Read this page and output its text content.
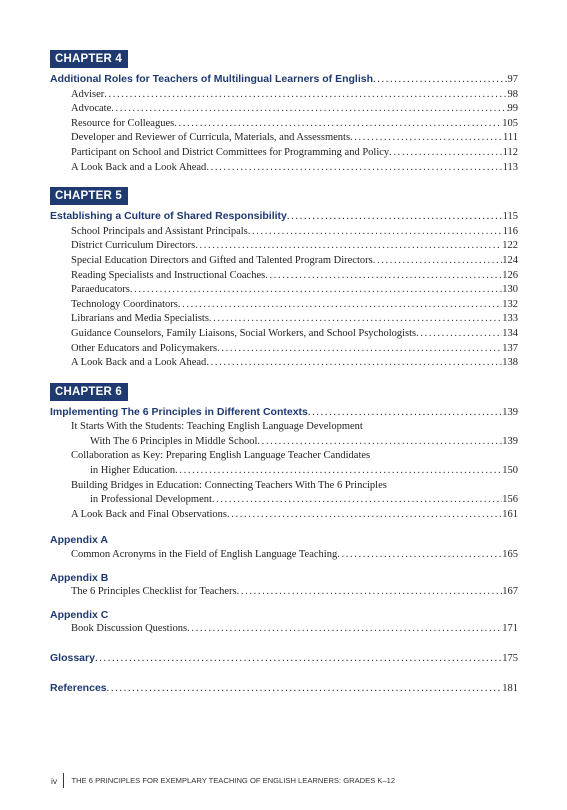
CHAPTER 4
Additional Roles for Teachers of Multilingual Learners of English . . .	97
Adviser . . .	98
Advocate . . .	99
Resource for Colleagues . . .	105
Developer and Reviewer of Curricula, Materials, and Assessments . . .	111
Participant on School and District Committees for Programming and Policy . . .	112
A Look Back and a Look Ahead . . .	113
CHAPTER 5
Establishing a Culture of Shared Responsibility . . .	115
School Principals and Assistant Principals . . .	116
District Curriculum Directors . . .	122
Special Education Directors and Gifted and Talented Program Directors . . .	124
Reading Specialists and Instructional Coaches . . .	126
Paraeducators . . .	130
Technology Coordinators . . .	132
Librarians and Media Specialists . . .	133
Guidance Counselors, Family Liaisons, Social Workers, and School Psychologists . . .	134
Other Educators and Policymakers . . .	137
A Look Back and a Look Ahead . . .	138
CHAPTER 6
Implementing The 6 Principles in Different Contexts . . .	139
It Starts With the Students: Teaching English Language Development
With The 6 Principles in Middle School . . .	139
Collaboration as Key: Preparing English Language Teacher Candidates
in Higher Education . . .	150
Building Bridges in Education: Connecting Teachers With The 6 Principles
in Professional Development . . .	156
A Look Back and Final Observations . . .	161
Appendix A
Common Acronyms in the Field of English Language Teaching . . .	165
Appendix B
The 6 Principles Checklist for Teachers . . .	167
Appendix C
Book Discussion Questions . . .	171
Glossary . . .	175
References . . .	181
iv THE 6 PRINCIPLES FOR EXEMPLARY TEACHING OF ENGLISH LEARNERS: GRADES K–12
